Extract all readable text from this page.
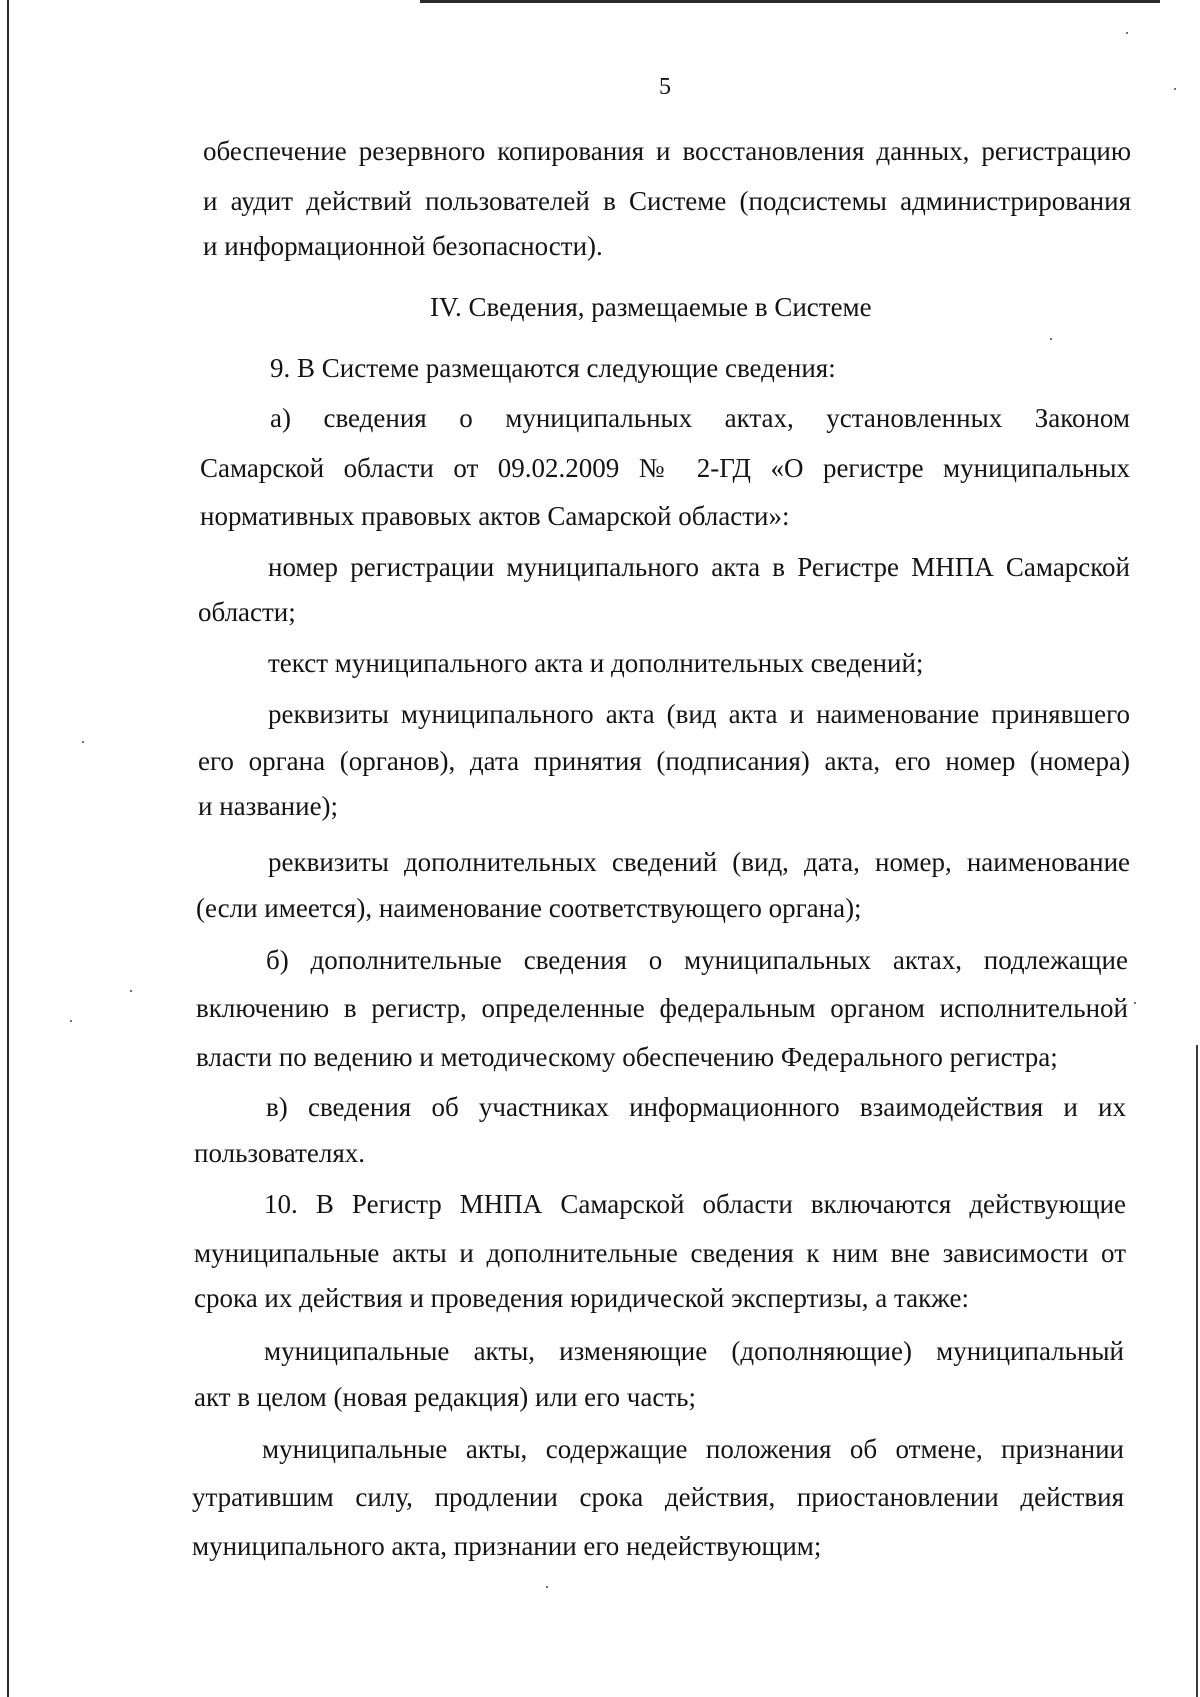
5
обеспечение резервного копирования и восстановления данных, регистрацию
и аудит действий пользователей в Системе (подсистемы администрирования
и информационной безопасности).
IV. Сведения, размещаемые в Системе
9. В Системе размещаются следующие сведения:
а) сведения о муниципальных актах, установленных Законом
Самарской области от 09.02.2009 № 2-ГД «О регистре муниципальных
нормативных правовых актов Самарской области»:
номер регистрации муниципального акта в Регистре МНПА Самарской
области;
текст муниципального акта и дополнительных сведений;
реквизиты муниципального акта (вид акта и наименование принявшего
его органа (органов), дата принятия (подписания) акта, его номер (номера)
и название);
реквизиты дополнительных сведений (вид, дата, номер, наименование
(если имеется), наименование соответствующего органа);
б) дополнительные сведения о муниципальных актах, подлежащие
включению в регистр, определенные федеральным органом исполнительной
власти по ведению и методическому обеспечению Федерального регистра;
в) сведения об участниках информационного взаимодействия и их
пользователях.
10. В Регистр МНПА Самарской области включаются действующие
муниципальные акты и дополнительные сведения к ним вне зависимости от
срока их действия и проведения юридической экспертизы, а также:
муниципальные акты, изменяющие (дополняющие) муниципальный
акт в целом (новая редакция) или его часть;
муниципальные акты, содержащие положения об отмене, признании
утратившим силу, продлении срока действия, приостановлении действия
муниципального акта, признании его недействующим;
